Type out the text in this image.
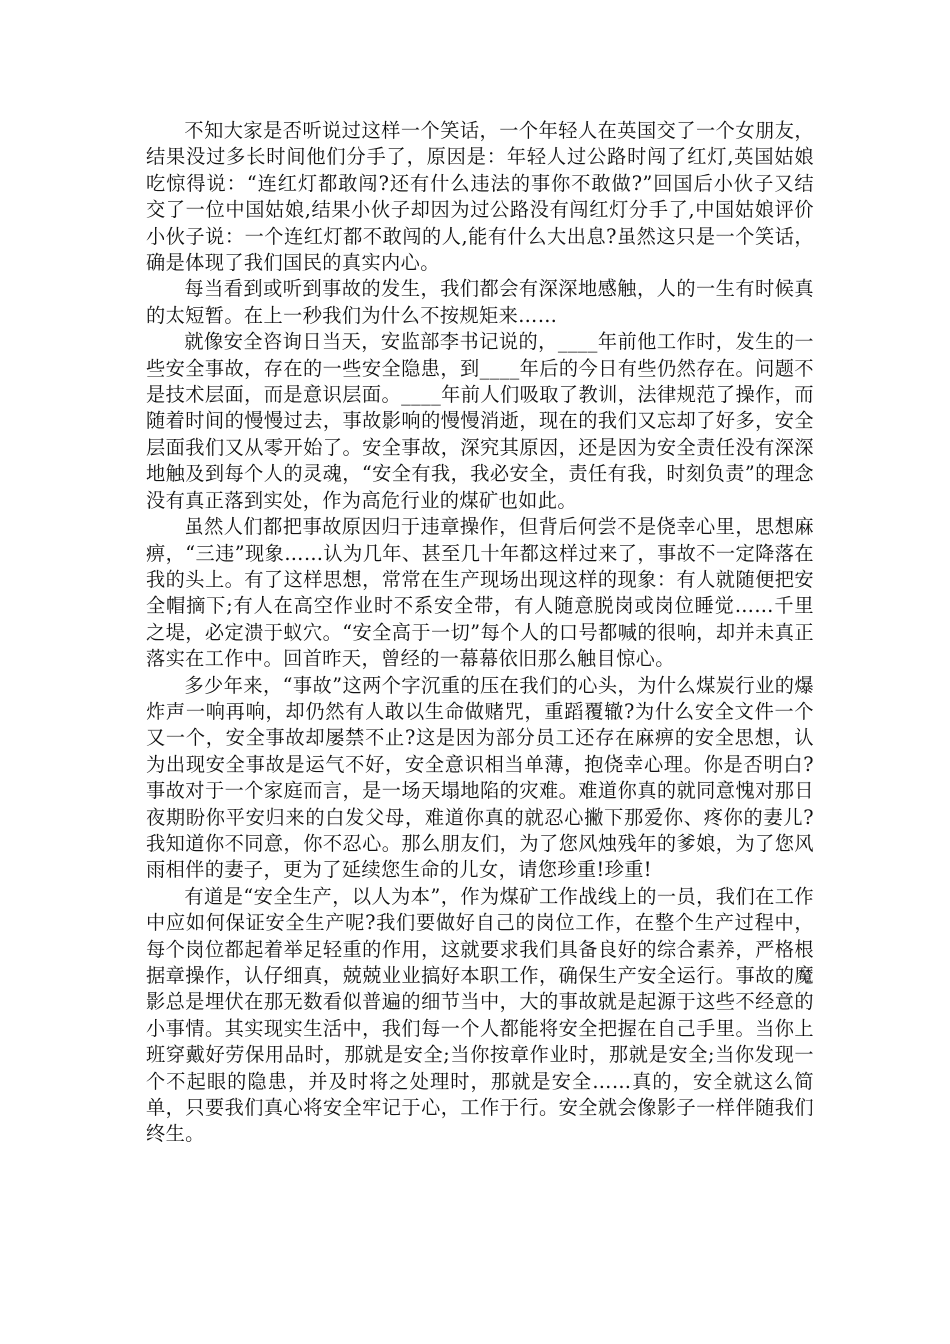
不知大家是否听说过这样一个笑话，一个年轻人在英国交了一个女朋友，结果没过多长时间他们分手了，原因是：年轻人过公路时闯了红灯,英国姑娘吃惊得说：“连红灯都敢闯?还有什么违法的事你不敢做?”回国后小伙子又结交了一位中国姑娘,结果小伙子却因为过公路没有闯红灯分手了,中国姑娘评价小伙子说：一个连红灯都不敢闯的人,能有什么大出息?虽然这只是一个笑话，确是体现了我们国民的真实内心。

每当看到或听到事故的发生，我们都会有深深地感触，人的一生有时候真的太短暂。在上一秒我们为什么不按规矩来……

就像安全咨询日当天，安监部李书记说的，____年前他工作时，发生的一些安全事故，存在的一些安全隐患，到____年后的今日有些仍然存在。问题不是技术层面，而是意识层面。____年前人们吸取了教训，法律规范了操作，而随着时间的慢慢过去，事故影响的慢慢消逝，现在的我们又忘却了好多，安全层面我们又从零开始了。安全事故，深究其原因，还是因为安全责任没有深深地触及到每个人的灵魂，“安全有我，我必安全，责任有我，时刻负责”的理念没有真正落到实处，作为高危行业的煤矿也如此。

虽然人们都把事故原因归于违章操作，但背后何尝不是侥幸心里，思想麻痹，“三违”现象……认为几年、甚至几十年都这样过来了，事故不一定降落在我的头上。有了这样思想，常常在生产现场出现这样的现象：有人就随便把安全帽摘下;有人在高空作业时不系安全带，有人随意脱岗或岗位睡觉……千里之堤，必定溃于蚁穴。“安全高于一切”每个人的口号都喊的很响，却并未真正落实在工作中。回首昨天，曾经的一幕幕依旧那么触目惊心。

多少年来，“事故”这两个字沉重的压在我们的心头，为什么煤炭行业的爆炸声一响再响，却仍然有人敢以生命做赌咒，重蹈覆辙?为什么安全文件一个又一个，安全事故却屡禁不止?这是因为部分员工还存在麻痹的安全思想，认为出现安全事故是运气不好，安全意识相当单薄，抱侥幸心理。你是否明白?事故对于一个家庭而言，是一场天塌地陷的灾难。难道你真的就同意愧对那日夜期盼你平安归来的白发父母，难道你真的就忍心撇下那爱你、疼你的妻儿?我知道你不同意，你不忍心。那么朋友们，为了您风烛残年的爹娘，为了您风雨相伴的妻子，更为了延续您生命的儿女，请您珍重!珍重!

有道是“安全生产，以人为本”，作为煤矿工作战线上的一员，我们在工作中应如何保证安全生产呢?我们要做好自己的岗位工作，在整个生产过程中，每个岗位都起着举足轻重的作用，这就要求我们具备良好的综合素养，严格根据章操作，认仔细真，兢兢业业搞好本职工作，确保生产安全运行。事故的魔影总是埋伏在那无数看似普遍的细节当中，大的事故就是起源于这些不经意的小事情。其实现实生活中，我们每一个人都能将安全把握在自己手里。当你上班穿戴好劳保用品时，那就是安全;当你按章作业时，那就是安全;当你发现一个不起眼的隐患，并及时将之处理时，那就是安全……真的，安全就这么简单，只要我们真心将安全牢记于心，工作于行。安全就会像影子一样伴随我们终生。
